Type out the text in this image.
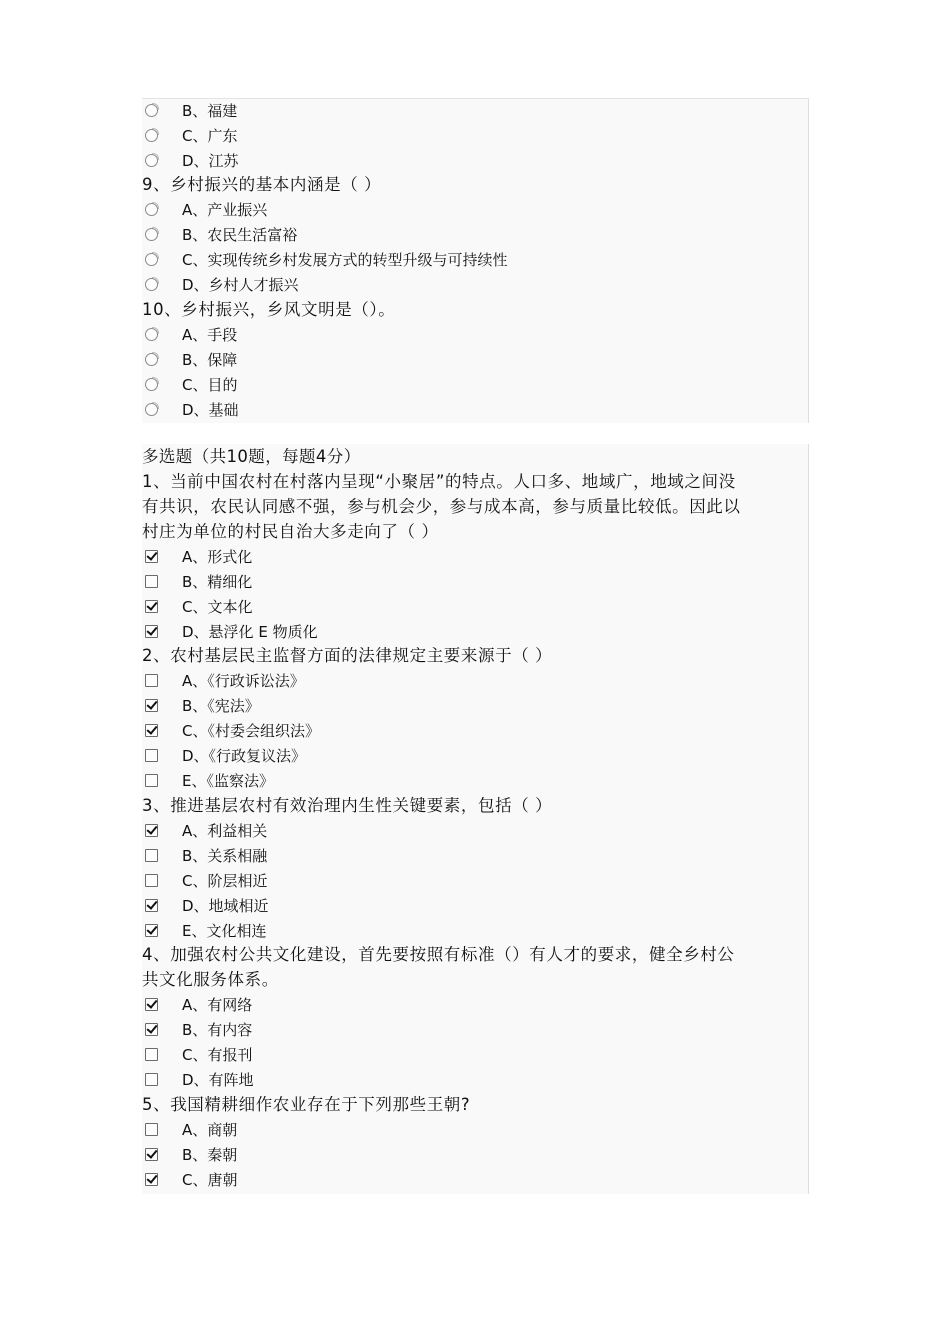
B、福建
C、广东
D、江苏
9、乡村振兴的基本内涵是（ ）
A、产业振兴
B、农民生活富裕
C、实现传统乡村发展方式的转型升级与可持续性
D、乡村人才振兴
10、乡村振兴，乡风文明是（）。
A、手段
B、保障
C、目的
D、基础
多选题（共10题，每题4分）
1、当前中国农村在村落内呈现“小聚居”的特点。人口多、地域广，地域之间没
有共识，农民认同感不强，参与机会少，参与成本高，参与质量比较低。因此以
村庄为单位的村民自治大多走向了（ ）
A、形式化
B、精细化
C、文本化
D、悬浮化 E 物质化
2、农村基层民主监督方面的法律规定主要来源于（ ）
A、《行政诉讼法》
B、《宪法》
C、《村委会组织法》
D、《行政复议法》
E、《监察法》
3、推进基层农村有效治理内生性关键要素，包括（ ）
A、利益相关
B、关系相融
C、阶层相近
D、地域相近
E、文化相连
4、加强农村公共文化建设，首先要按照有标准（）有人才的要求，健全乡村公
共文化服务体系。
A、有网络
B、有内容
C、有报刊
D、有阵地
5、我国精耕细作农业存在于下列那些王朝?
A、商朝
B、秦朝
C、唐朝
